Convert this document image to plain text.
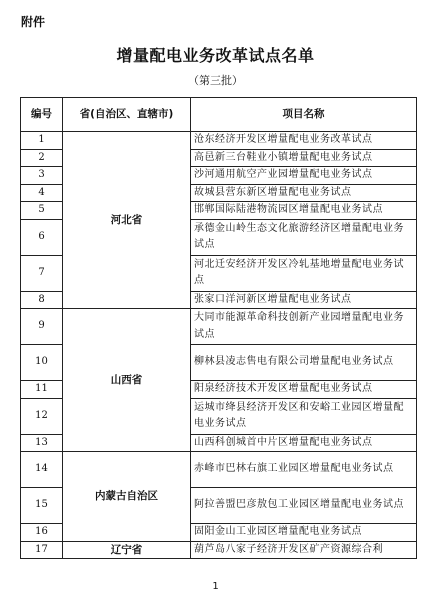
附件
增量配电业务改革试点名单
（第三批）
编号	省(自治区、直辖市)	项目名称
1	河北省	沧东经济开发区增量配电业务改革试点
2		高邑新三台鞋业小镇增量配电业务试点
3		沙河通用航空产业园增量配电业务试点
4		故城县营东新区增量配电业务试点
5		邯郸国际陆港物流园区增量配电业务试点
6		承德金山岭生态文化旅游经济区增量配电业务试点
7		河北迁安经济开发区冷轧基地增量配电业务试点
8		张家口洋河新区增量配电业务试点
9	山西省	大同市能源革命科技创新产业园增量配电业务试点
10		柳林县凌志售电有限公司增量配电业务试点
11		阳泉经济技术开发区增量配电业务试点
12		运城市绛县经济开发区和安峪工业园区增量配电业务试点
13		山西科创城首中片区增量配电业务试点
14	内蒙古自治区	赤峰市巴林右旗工业园区增量配电业务试点
15		阿拉善盟巴彦敖包工业园区增量配电业务试点
16		固阳金山工业园区增量配电业务试点
17	辽宁省	葫芦岛八家子经济开发区矿产资源综合利
1
